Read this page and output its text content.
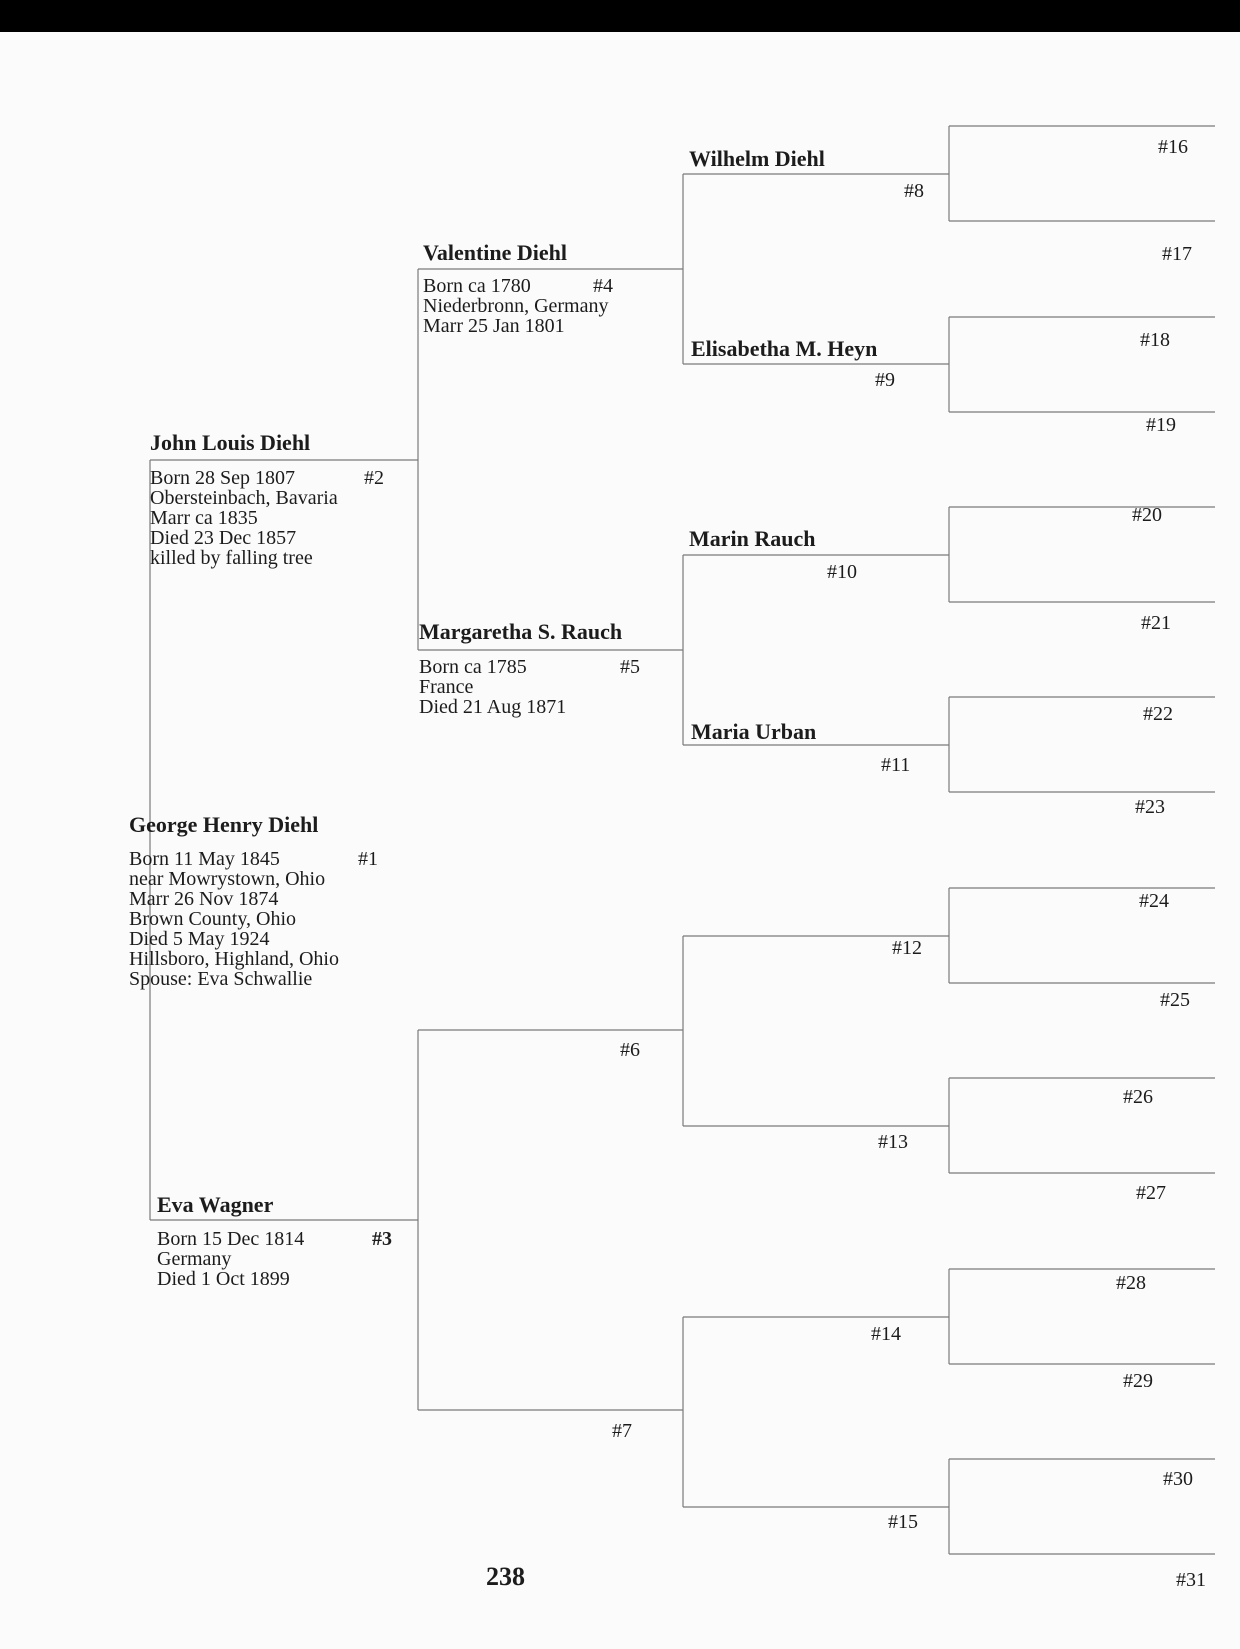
George Henry Diehl
#1
Born 11 May 1845
near Mowrystown, Ohio
Marr 26 Nov 1874
Brown County, Ohio
Died 5 May 1924
Hillsboro, Highland, Ohio
Spouse: Eva Schwallie
John Louis Diehl
#2
Born 28 Sep 1807
Obersteinbach, Bavaria
Marr ca 1835
Died 23 Dec 1857
killed by falling tree
Eva Wagner
#3
Born 15 Dec 1814
Germany
Died 1 Oct 1899
Valentine Diehl
#4
Born ca 1780
Niederbronn, Germany
Marr 25 Jan 1801
Margaretha S. Rauch
#5
Born ca 1785
France
Died 21 Aug 1871
#6
#7
Wilhelm Diehl
#8
Elisabetha M. Heyn
#9
Marin Rauch
#10
Maria Urban
#11
#12
#13
#14
#15
#16
#17
#18
#19
#20
#21
#22
#23
#24
#25
#26
#27
#28
#29
#30
#31
238
